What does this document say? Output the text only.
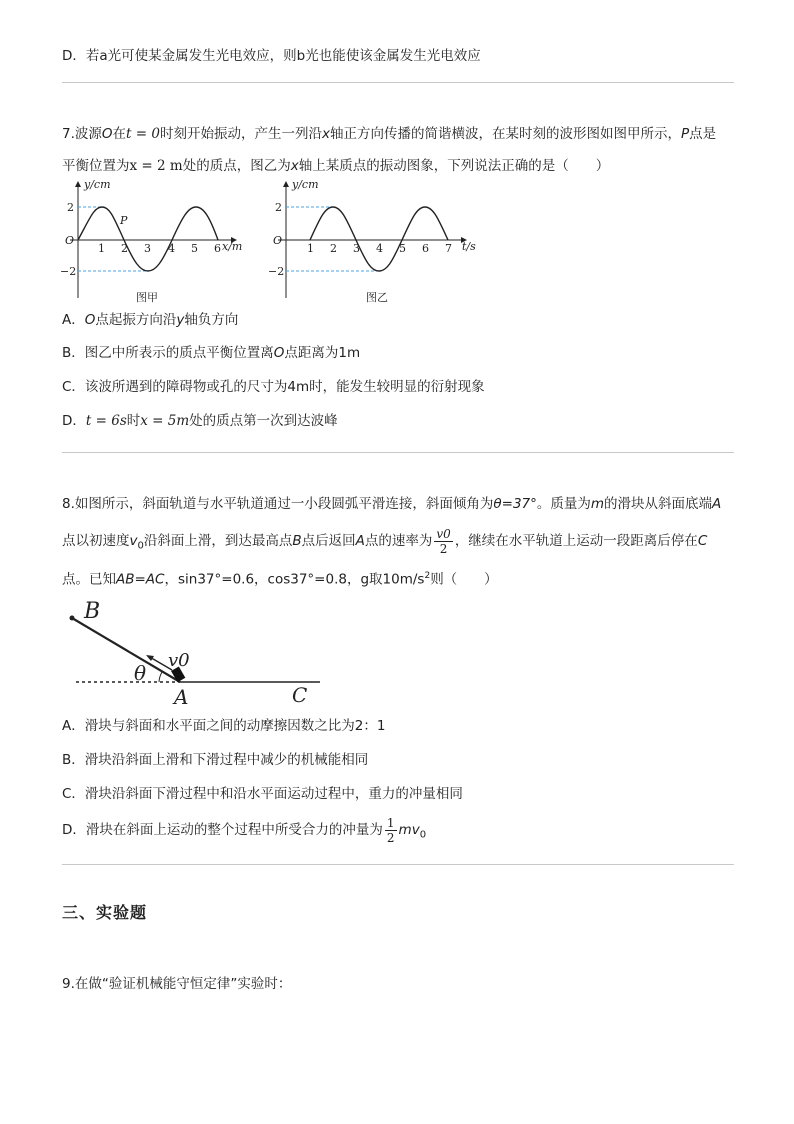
D．若a光可使某金属发生光电效应，则b光也能使该金属发生光电效应
7.波源O在t = 0时刻开始振动，产生一列沿x轴正方向传播的简谐横波，在某时刻的波形图如图甲所示，P点是
平衡位置为x = 2 m处的质点，图乙为x轴上某质点的振动图象，下列说法正确的是（　　）
y/cm
x/m
O
2
−2
P
1 2 3 4 5 6
图甲
y/cm
t/s
O
2
−2
1 2 3 4 5 6 7
图乙
A．O点起振方向沿y轴负方向
B．图乙中所表示的质点平衡位置离O点距离为1m
C．该波所遇到的障碍物或孔的尺寸为4m时，能发生较明显的衍射现象
D．t = 6s时x = 5m处的质点第一次到达波峰
8.如图所示，斜面轨道与水平轨道通过一小段圆弧平滑连接，斜面倾角为θ=37°。质量为m的滑块从斜面底端A
点以初速度$v_0$沿斜面上滑，到达最高点B点后返回A点的速率为 $\frac{v0}{2}$ ，继续在水平轨道上运动一段距离后停在C
点。已知AB=AC，sin37°=0.6，cos37°=0.8，g取$10m/s^2$则（　　）
B
v0
θ
A	C
A．滑块与斜面和水平面之间的动摩擦因数之比为2：1
B．滑块沿斜面上滑和下滑过程中减少的机械能相同
C．滑块沿斜面下滑过程中和沿水平面运动过程中，重力的冲量相同
D．滑块在斜面上运动的整个过程中所受合力的冲量为 $\frac{1}{2} mv_0$
三、实验题
9.在做“验证机械能守恒定律”实验时：
